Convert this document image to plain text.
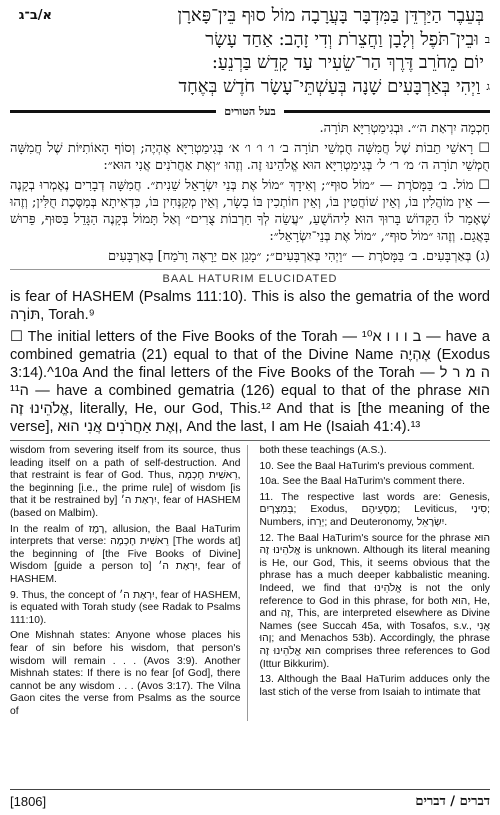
א/ב־ג	בְּעֵבֶר הַיַּרְדֵּן בַּמִּדְבָּר בָּעֲרָבָה מוֹל סוּף בֵּין־פָּארָן
בוּבֵין־תֹּפֶל וְלָבָן וַחֲצֵרֹת וְדִי זָהָב: אַחַד עָשָׂר
יוֹם מֵחֹרֵב דֶּרֶךְ הַר־שֵׂעִיר עַד קָדֵשׁ בַּרְנֵעַ:
גוַיְהִי בְּאַרְבָּעִים שָׁנָה בְּעַשְׁתֵּי־עָשָׂר חֹדֶשׁ בְּאֶחָד
בעל הטורים

חָכְמָה יִרְאַת ה׳״. וּבְגִימַטְרִיָּא תּוֹרָה.

☐ רָאשֵׁי תֵבוֹת שֶׁל חֲמִשָּׁה חֻמְשֵׁי תוֹרָה ב׳ ו׳ ו׳ ו׳ א׳ בְּגִימַטְרִיָּא אֶהְיֶה; וְסוֹף הָאוֹתִיּוֹת שֶׁל חֲמִשָּׁה חֻמְשֵׁי תוֹרָה ה׳ מ׳ ר׳ ל׳ בְּגִימַטְרִיָּא הוּא אֱלֹהֵינוּ זֶה. וְזֶהוּ ״וְאֶת אַחֲרֹנִים אֲנִי הוּא״:

☐ מוֹל. ב׳ בַּמָּסֹרֶת — ״מוֹל סוּף״; וְאִידָךְ ״מוֹל אֶת בְּנֵי יִשְׂרָאֵל שֵׁנִית״. חֲמִשָּׁה דְבָרִים נֶאֶמְרוּ בְקָנֶה — אֵין מוֹהֲלִין בּוֹ, וְאֵין שׁוֹחֲטִין בּוֹ, וְאֵין חוֹתְכִין בּוֹ בָשָׂר, וְאֵין מְקַנְּחִין בּוֹ, כִּדְאִיתָא בְּמַסֶּכֶת חֻלִּין; וְזֶהוּ שֶׁאָמַר לוֹ הַקָּדוֹשׁ בָּרוּךְ הוּא לִיהוֹשֻׁעַ, ״עֲשֵׂה לְךָ חַרְבוֹת צֻרִים״ וְאַל תָּמוֹל בְּקָנֶה הַגָּדֵל בַּסּוּף, פֵּרוּשׁ בָּאֲגַם. וְזֶהוּ ״מוֹל סוּף״, ״מוֹל אֶת בְּנֵי־יִשְׂרָאֵל״:

(ג) בְּאַרְבָּעִים. ב׳ בַּמָּסֹרֶת — ״וַיְהִי בְּאַרְבָּעִים״; ״מָגֵן אִם יֵרָאֶה וָרֹמַח] בְּאַרְבָּעִים

BAAL HATURIM ELUCIDATED

is fear of HASHEM (Psalms 111:10). This is also the gematria of the word תּוֹרָה, Torah.⁹

☐ The initial letters of the Five Books of the Torah — ב ו ו ו א¹⁰ — have a combined gematria (21) equal to that of the Divine Name אֶהְיֶה (Exodus 3:14).^10a And the final letters of the Five Books of the Torah — ה מ ר ל ה¹¹ — have a combined gematria (126) equal to that of the phrase הוּא אֱלֹהֵינוּ זֶה, literally, He, our God, This.¹² And that is [the meaning of the verse], וְאֶת אַחֲרֹנִים אֲנִי הוּא, And the last, I am He (Isaiah 41:4).¹³

wisdom from severing itself from its source, thus leading itself on a path of self-destruction. And that restraint is fear of God. Thus, רֵאשִׁית חָכְמָה, the beginning [i.e., the prime rule] of wisdom [is that it be restrained by] יִרְאַת ה׳, fear of HASHEM (based on Malbim).

In the realm of רֶמֶז, allusion, the Baal HaTurim interprets that verse: רֵאשִׁית חָכְמָה [The words at] the beginning of [the Five Books of Divine] Wisdom [guide a person to] יִרְאַת ה׳, fear of HASHEM.

9. Thus, the concept of יִרְאַת ה׳, fear of HASHEM, is equated with Torah study (see Radak to Psalms 111:10).

One Mishnah states: Anyone whose places his fear of sin before his wisdom, that person's wisdom will remain . . . (Avos 3:9). Another Mishnah states: If there is no fear [of God], there cannot be any wisdom . . . (Avos 3:17). The Vilna Gaon cites the verse from Psalms as the source of

both these teachings (A.S.).

10. See the Baal HaTurim's previous comment.

10a. See the Baal HaTurim's comment there.

11. The respective last words are: Genesis, בְּמִצְרָיִם; Exodus, מַסְעֵיהֶם; Leviticus, סִינַי; Numbers, יְרֵחוֹ; and Deuteronomy, יִשְׂרָאֵל.

12. The Baal HaTurim's source for the phrase הוּא אֱלֹהֵינוּ זֶה is unknown. Although its literal meaning is He, our God, This, it seems obvious that the phrase has a much deeper kabbalistic meaning. Indeed, we find that אֱלֹהֵינוּ is not the only reference to God in this phrase, for both הוּא, He, and זֶה, This, are interpreted elsewhere as Divine Names (see Succah 45a, with Tosafos, s.v., אֲנִי וָהוּ; and Menachos 53b). Accordingly, the phrase הוּא אֱלֹהֵינוּ זֶה comprises three references to God (Ittur Bikkurim).

13. Although the Baal HaTurim adduces only the last stich of the verse from Isaiah to intimate that

[1806]	דברים / דברים
